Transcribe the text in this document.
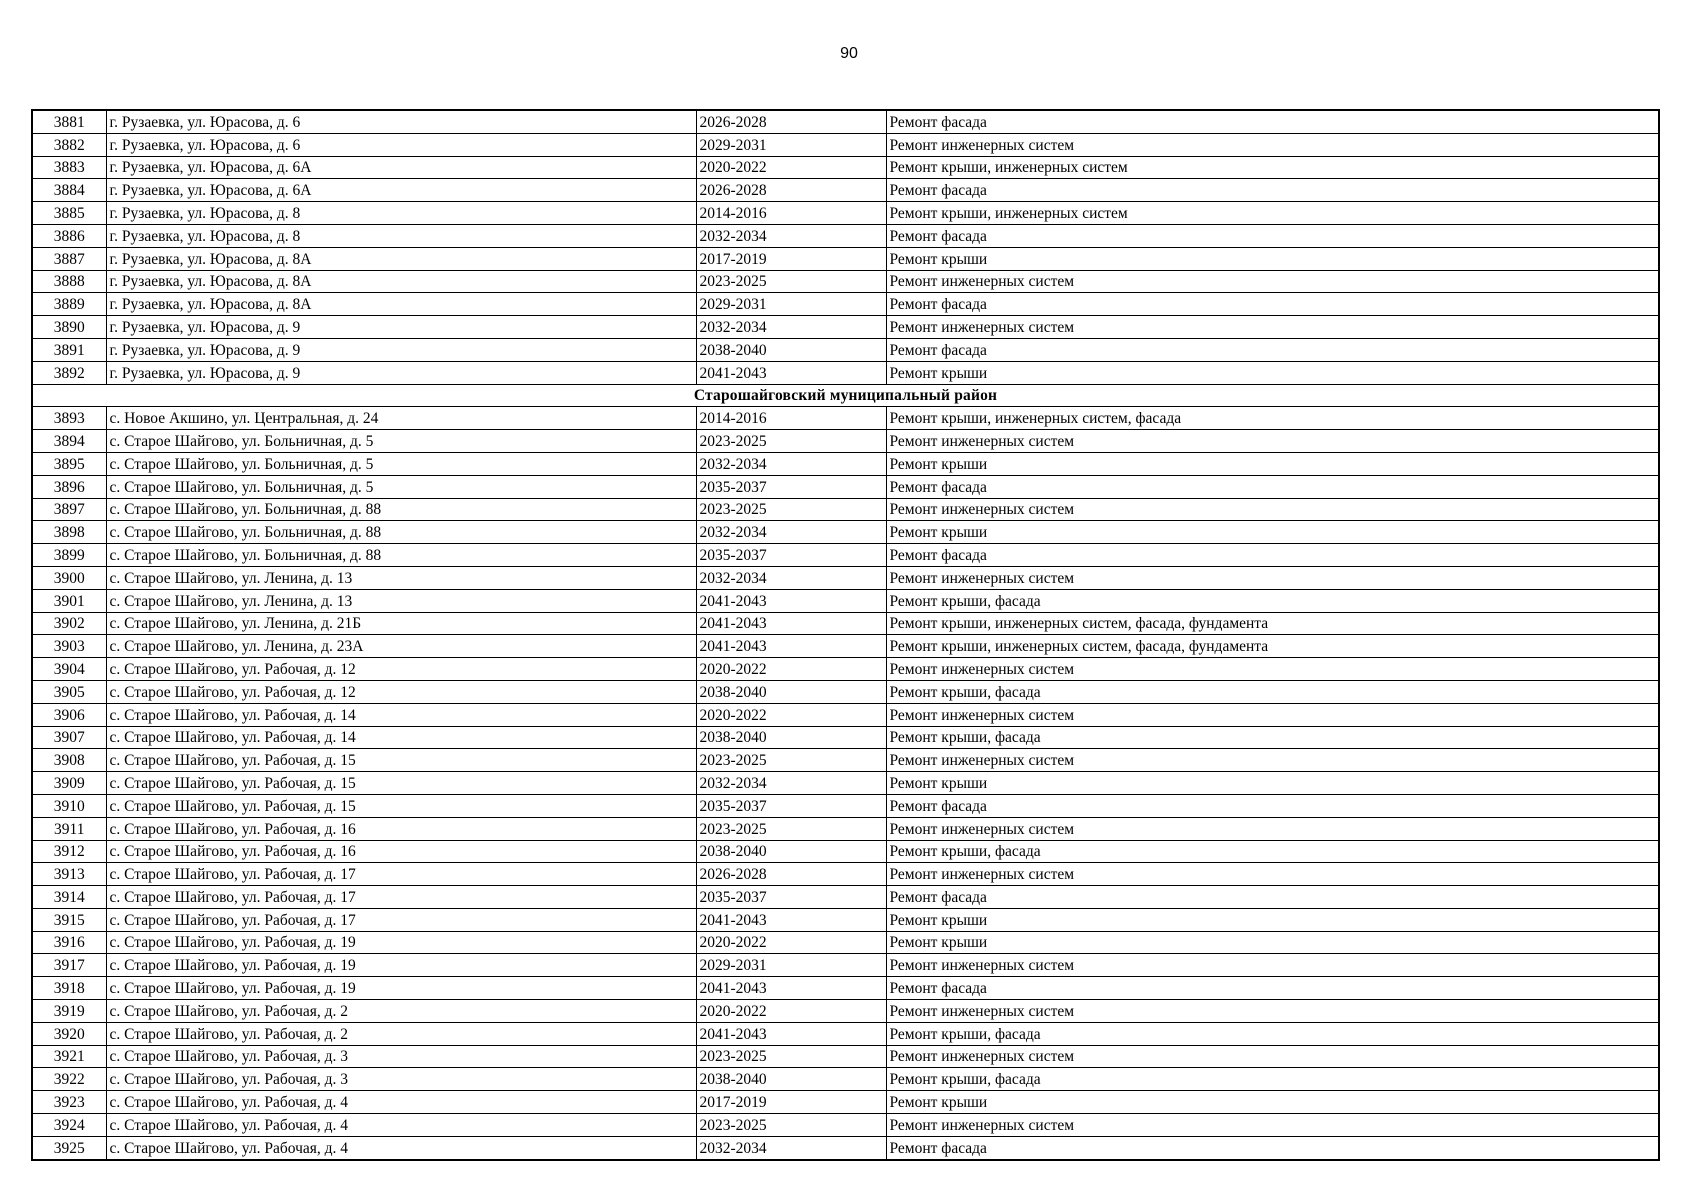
90
3881	г. Рузаевка, ул. Юрасова, д. 6	2026-2028	Ремонт фасада
3882	г. Рузаевка, ул. Юрасова, д. 6	2029-2031	Ремонт инженерных систем
3883	г. Рузаевка, ул. Юрасова, д. 6А	2020-2022	Ремонт крыши, инженерных систем
3884	г. Рузаевка, ул. Юрасова, д. 6А	2026-2028	Ремонт фасада
3885	г. Рузаевка, ул. Юрасова, д. 8	2014-2016	Ремонт крыши, инженерных систем
3886	г. Рузаевка, ул. Юрасова, д. 8	2032-2034	Ремонт фасада
3887	г. Рузаевка, ул. Юрасова, д. 8А	2017-2019	Ремонт крыши
3888	г. Рузаевка, ул. Юрасова, д. 8А	2023-2025	Ремонт инженерных систем
3889	г. Рузаевка, ул. Юрасова, д. 8А	2029-2031	Ремонт фасада
3890	г. Рузаевка, ул. Юрасова, д. 9	2032-2034	Ремонт инженерных систем
3891	г. Рузаевка, ул. Юрасова, д. 9	2038-2040	Ремонт фасада
3892	г. Рузаевка, ул. Юрасова, д. 9	2041-2043	Ремонт крыши
Старошайговский муниципальный район			
3893	с. Новое Акшино, ул. Центральная, д. 24	2014-2016	Ремонт крыши, инженерных систем, фасада
3894	с. Старое Шайгово, ул. Больничная, д. 5	2023-2025	Ремонт инженерных систем
3895	с. Старое Шайгово, ул. Больничная, д. 5	2032-2034	Ремонт крыши
3896	с. Старое Шайгово, ул. Больничная, д. 5	2035-2037	Ремонт фасада
3897	с. Старое Шайгово, ул. Больничная, д. 88	2023-2025	Ремонт инженерных систем
3898	с. Старое Шайгово, ул. Больничная, д. 88	2032-2034	Ремонт крыши
3899	с. Старое Шайгово, ул. Больничная, д. 88	2035-2037	Ремонт фасада
3900	с. Старое Шайгово, ул. Ленина, д. 13	2032-2034	Ремонт инженерных систем
3901	с. Старое Шайгово, ул. Ленина, д. 13	2041-2043	Ремонт крыши, фасада
3902	с. Старое Шайгово, ул. Ленина, д. 21Б	2041-2043	Ремонт крыши, инженерных систем, фасада, фундамента
3903	с. Старое Шайгово, ул. Ленина, д. 23А	2041-2043	Ремонт крыши, инженерных систем, фасада, фундамента
3904	с. Старое Шайгово, ул. Рабочая, д. 12	2020-2022	Ремонт инженерных систем
3905	с. Старое Шайгово, ул. Рабочая, д. 12	2038-2040	Ремонт крыши, фасада
3906	с. Старое Шайгово, ул. Рабочая, д. 14	2020-2022	Ремонт инженерных систем
3907	с. Старое Шайгово, ул. Рабочая, д. 14	2038-2040	Ремонт крыши, фасада
3908	с. Старое Шайгово, ул. Рабочая, д. 15	2023-2025	Ремонт инженерных систем
3909	с. Старое Шайгово, ул. Рабочая, д. 15	2032-2034	Ремонт крыши
3910	с. Старое Шайгово, ул. Рабочая, д. 15	2035-2037	Ремонт фасада
3911	с. Старое Шайгово, ул. Рабочая, д. 16	2023-2025	Ремонт инженерных систем
3912	с. Старое Шайгово, ул. Рабочая, д. 16	2038-2040	Ремонт крыши, фасада
3913	с. Старое Шайгово, ул. Рабочая, д. 17	2026-2028	Ремонт инженерных систем
3914	с. Старое Шайгово, ул. Рабочая, д. 17	2035-2037	Ремонт фасада
3915	с. Старое Шайгово, ул. Рабочая, д. 17	2041-2043	Ремонт крыши
3916	с. Старое Шайгово, ул. Рабочая, д. 19	2020-2022	Ремонт крыши
3917	с. Старое Шайгово, ул. Рабочая, д. 19	2029-2031	Ремонт инженерных систем
3918	с. Старое Шайгово, ул. Рабочая, д. 19	2041-2043	Ремонт фасада
3919	с. Старое Шайгово, ул. Рабочая, д. 2	2020-2022	Ремонт инженерных систем
3920	с. Старое Шайгово, ул. Рабочая, д. 2	2041-2043	Ремонт крыши, фасада
3921	с. Старое Шайгово, ул. Рабочая, д. 3	2023-2025	Ремонт инженерных систем
3922	с. Старое Шайгово, ул. Рабочая, д. 3	2038-2040	Ремонт крыши, фасада
3923	с. Старое Шайгово, ул. Рабочая, д. 4	2017-2019	Ремонт крыши
3924	с. Старое Шайгово, ул. Рабочая, д. 4	2023-2025	Ремонт инженерных систем
3925	с. Старое Шайгово, ул. Рабочая, д. 4	2032-2034	Ремонт фасада
